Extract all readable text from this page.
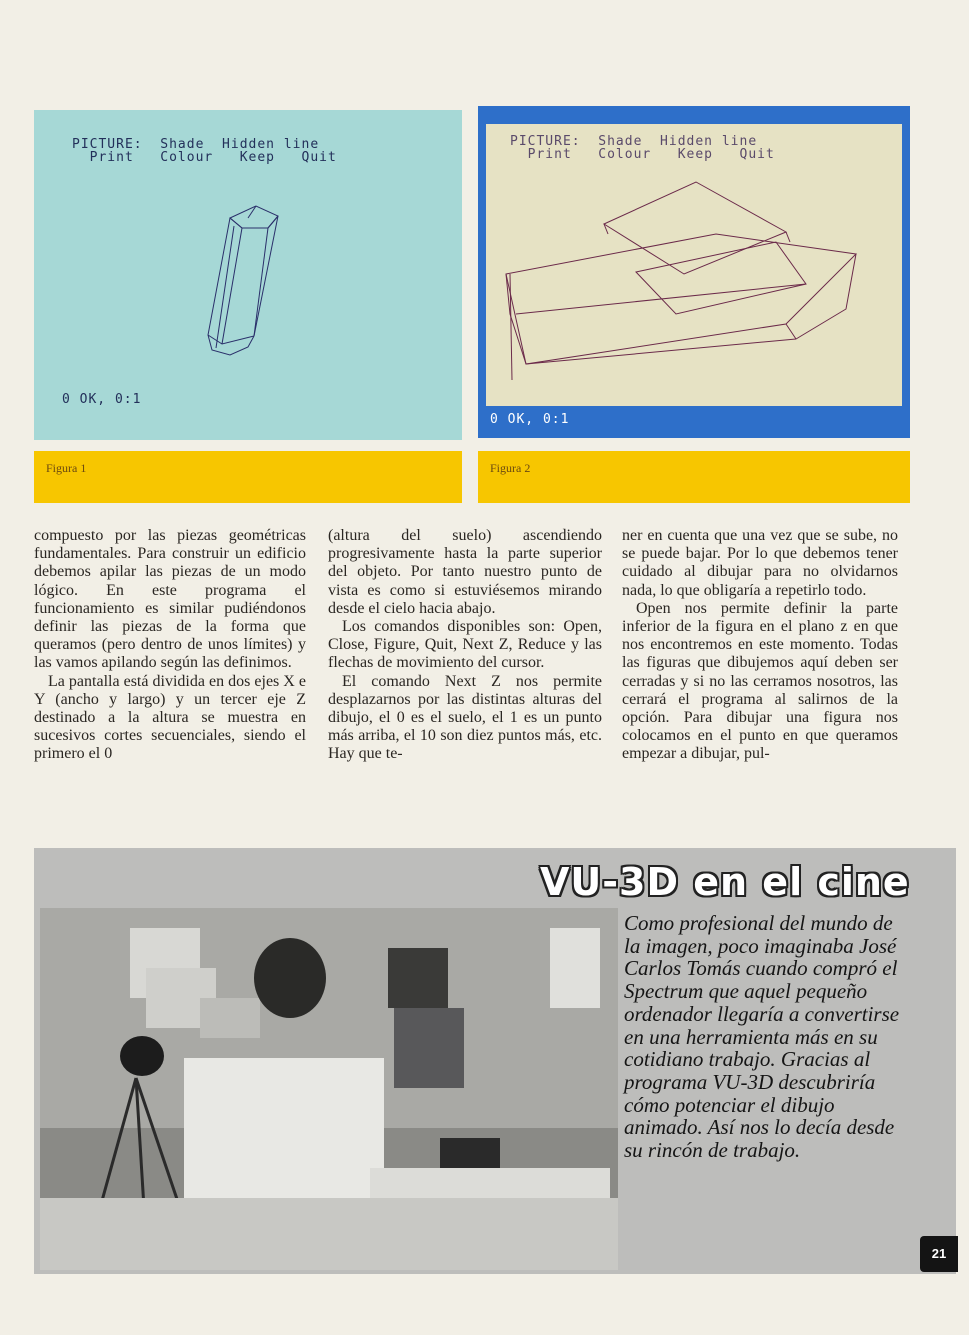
PICTURE:  Shade  Hidden line
Print   Colour   Keep   Quit
0 OK, 0:1
Figura 1
PICTURE:  Shade  Hidden line
Print   Colour   Keep   Quit
0 OK, 0:1
Figura 2

compuesto por las piezas geométricas fundamentales. Para construir un edificio debemos apilar las piezas de un modo lógico. En este programa el funcionamiento es similar pudiéndonos definir las piezas de la forma que queramos (pero dentro de unos límites) y las vamos apilando según las definimos.

La pantalla está dividida en dos ejes X e Y (ancho y largo) y un tercer eje Z destinado a la altura se muestra en sucesivos cortes secuenciales, siendo el primero el 0

(altura del suelo) ascendiendo progresivamente hasta la parte superior del objeto. Por tanto nuestro punto de vista es como si estuviésemos mirando desde el cielo hacia abajo.

Los comandos disponibles son: Open, Close, Figure, Quit, Next Z, Reduce y las flechas de movimiento del cursor.

El comando Next Z nos permite desplazarnos por las distintas alturas del dibujo, el 0 es el suelo, el 1 es un punto más arriba, el 10 son diez puntos más, etc. Hay que te-

ner en cuenta que una vez que se sube, no se puede bajar. Por lo que debemos tener cuidado al dibujar para no olvidarnos nada, lo que obligaría a repetirlo todo.

Open nos permite definir la parte inferior de la figura en el plano z en que nos encontremos en este momento. Todas las figuras que dibujemos aquí deben ser cerradas y si no las cerramos nosotros, las cerrará el programa al salirnos de la opción. Para dibujar una figura nos colocamos en el punto en que queramos empezar a dibujar, pul-

VU-3D en el cine
Como profesional del mundo de la imagen, poco imaginaba José Carlos Tomás cuando compró el Spectrum que aquel pequeño ordenador llegaría a convertirse en una herramienta más en su cotidiano trabajo. Gracias al programa VU-3D descubriría cómo potenciar el dibujo animado. Así nos lo decía desde su rincón de trabajo.
21
